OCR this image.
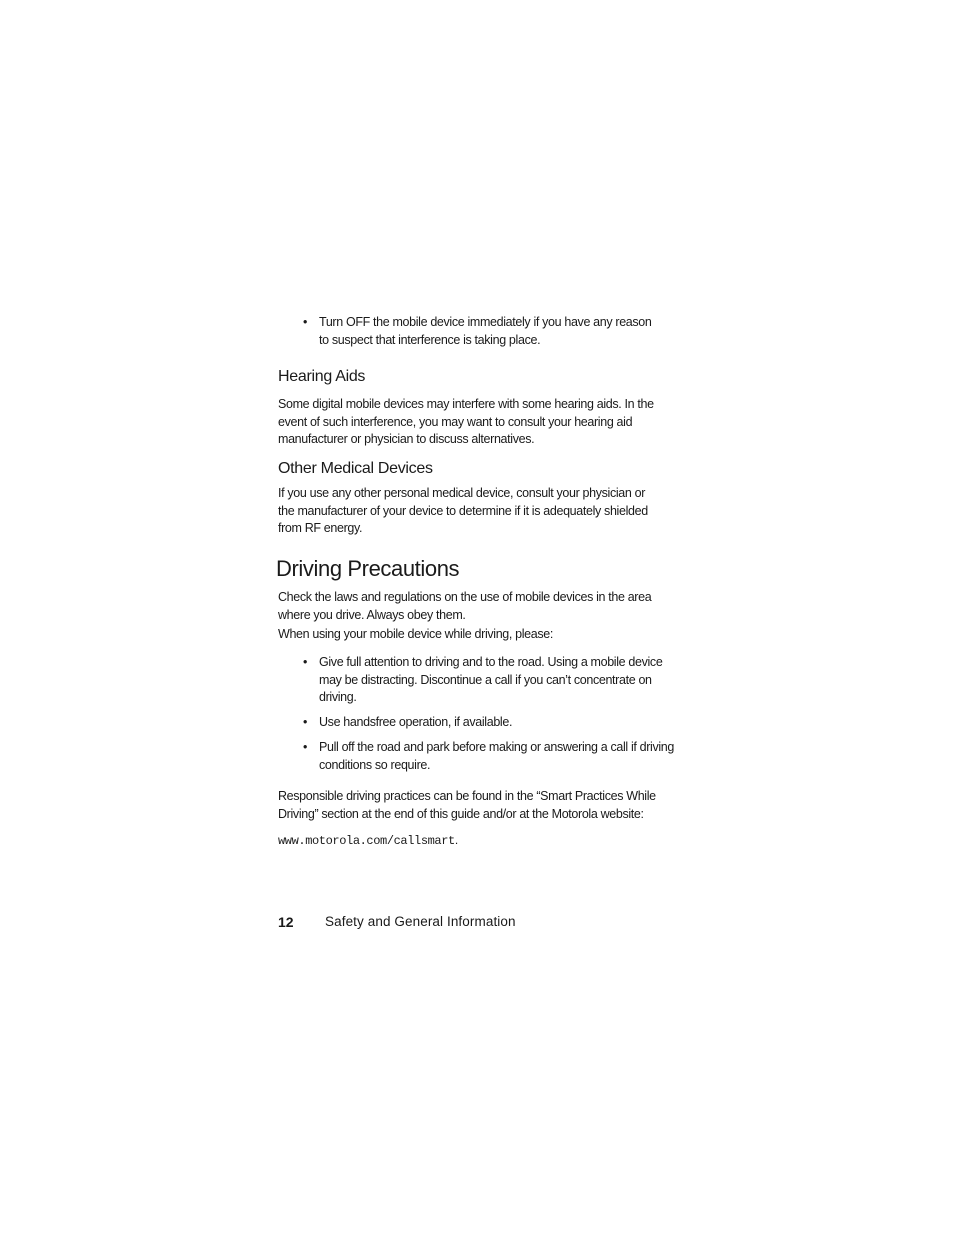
• Turn OFF the mobile device immediately if you have any reason to suspect that interference is taking place.
Hearing Aids

Some digital mobile devices may interfere with some hearing aids. In the event of such interference, you may want to consult your hearing aid manufacturer or physician to discuss alternatives.

Other Medical Devices

If you use any other personal medical device, consult your physician or the manufacturer of your device to determine if it is adequately shielded from RF energy.

Driving Precautions

Check the laws and regulations on the use of mobile devices in the area where you drive. Always obey them.

When using your mobile device while driving, please:

• Give full attention to driving and to the road. Using a mobile device may be distracting. Discontinue a call if you can’t concentrate on driving.
• Use handsfree operation, if available.
• Pull off the road and park before making or answering a call if driving conditions so require.

Responsible driving practices can be found in the “Smart Practices While Driving” section at the end of this guide and/or at the Motorola website:

www.motorola.com/callsmart.
12 Safety and General Information
